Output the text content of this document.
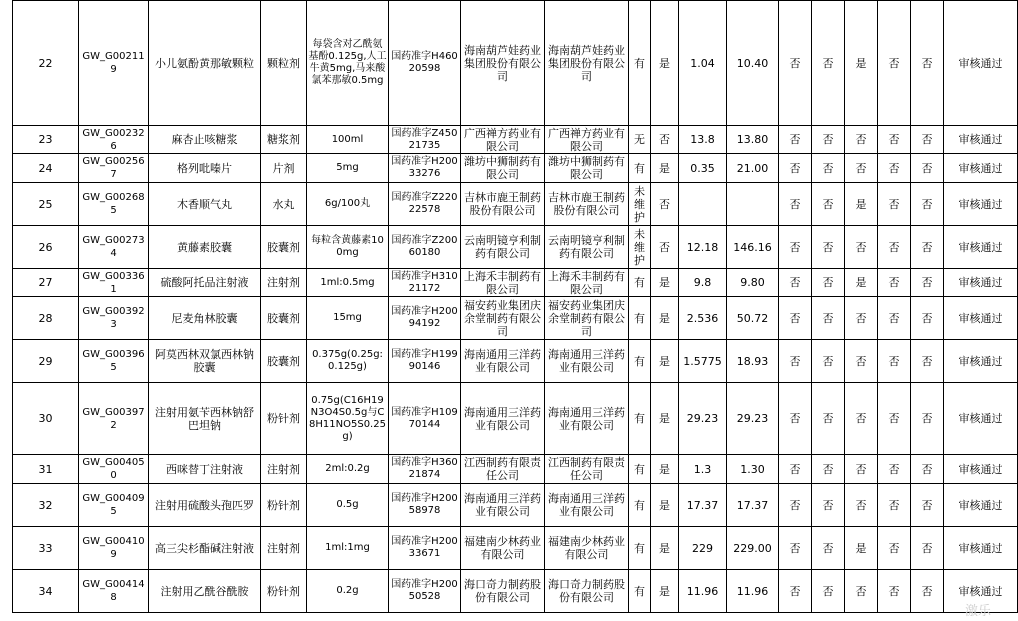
22	GW_G002119	小儿氨酚黄那敏颗粒	颗粒剂	每袋含对乙酰氨基酚0.125g,人工牛黄5mg,马来酸氯苯那敏0.5mg	国药准字H46020598	海南葫芦娃药业集团股份有限公司	海南葫芦娃药业集团股份有限公司	有	是	1.04	10.40	否	否	是	否	否	审核通过
23	GW_G002326	麻杏止咳糖浆	糖浆剂	100ml	国药准字Z45021735	广西禅方药业有限公司	广西禅方药业有限公司	无	否	13.8	13.80	否	否	否	否	否	审核通过
24	GW_G002567	格列吡嗪片	片剂	5mg	国药准字H20033276	潍坊中狮制药有限公司	潍坊中狮制药有限公司	有	是	0.35	21.00	否	否	否	否	否	审核通过
25	GW_G002685	木香顺气丸	水丸	6g/100丸	国药准字Z22022578	吉林市鹿王制药股份有限公司	吉林市鹿王制药股份有限公司	未维护	否			否	否	是	否	否	审核通过
26	GW_G002734	黄藤素胶囊	胶囊剂	每粒含黄藤素100mg	国药准字Z20060180	云南明镜亨利制药有限公司	云南明镜亨利制药有限公司	未维护	否	12.18	146.16	否	否	否	否	否	审核通过
27	GW_G003361	硫酸阿托品注射液	注射剂	1ml:0.5mg	国药准字H31021172	上海禾丰制药有限公司	上海禾丰制药有限公司	有	是	9.8	9.80	否	否	是	否	否	审核通过
28	GW_G003923	尼麦角林胶囊	胶囊剂	15mg	国药准字H20094192	福安药业集团庆余堂制药有限公司	福安药业集团庆余堂制药有限公司	有	是	2.536	50.72	否	否	否	否	否	审核通过
29	GW_G003965	阿莫西林双氯西林钠胶囊	胶囊剂	0.375g(0.25g:0.125g)	国药准字H19990146	海南通用三洋药业有限公司	海南通用三洋药业有限公司	有	是	1.5775	18.93	否	否	否	否	否	审核通过
30	GW_G003972	注射用氨苄西林钠舒巴坦钠	粉针剂	0.75g(C16H19N3O4S0.5g与C8H11NO5S0.25g)	国药准字H10970144	海南通用三洋药业有限公司	海南通用三洋药业有限公司	有	是	29.23	29.23	否	否	否	否	否	审核通过
31	GW_G004050	西咪替丁注射液	注射剂	2ml:0.2g	国药准字H36021874	江西制药有限责任公司	江西制药有限责任公司	有	是	1.3	1.30	否	否	否	否	否	审核通过
32	GW_G004095	注射用硫酸头孢匹罗	粉针剂	0.5g	国药准字H20058978	海南通用三洋药业有限公司	海南通用三洋药业有限公司	有	是	17.37	17.37	否	否	否	否	否	审核通过
33	GW_G004109	高三尖杉酯碱注射液	注射剂	1ml:1mg	国药准字H20033671	福建南少林药业有限公司	福建南少林药业有限公司	有	是	229	229.00	否	否	是	否	否	审核通过
34	GW_G004148	注射用乙酰谷酰胺	粉针剂	0.2g	国药准字H20050528	海口奇力制药股份有限公司	海口奇力制药股份有限公司	有	是	11.96	11.96	否	否	否	否	否	审核通过
激乐
